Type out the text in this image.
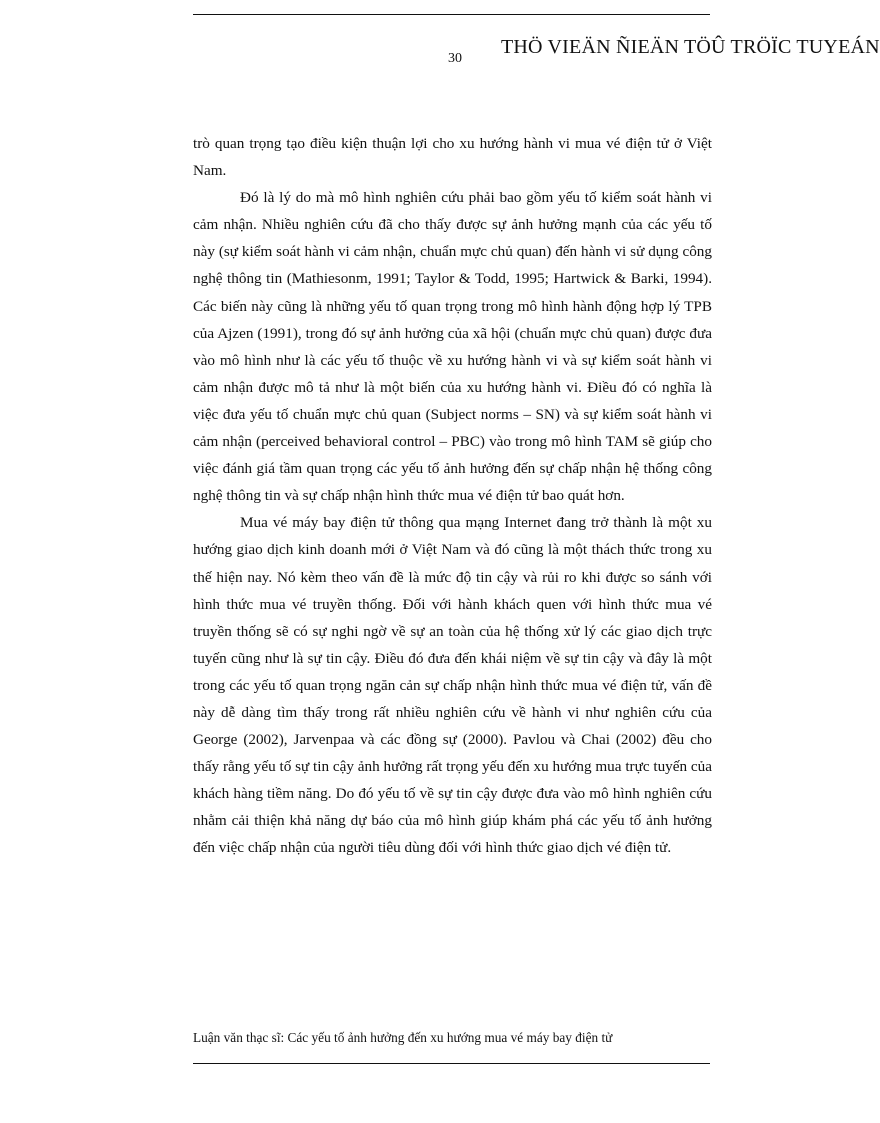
30
THÖ VIEÄN ÑIEÄN TÖÛ TRÖÏC TUYEÁN

trò quan trọng tạo điều kiện thuận lợi cho xu hướng hành vi mua vé điện tử ở Việt Nam.

Đó là lý do mà mô hình nghiên cứu phải bao gồm yếu tố kiểm soát hành vi cảm nhận. Nhiều nghiên cứu đã cho thấy được sự ảnh hưởng mạnh của các yếu tố này (sự kiểm soát hành vi cảm nhận, chuẩn mực chủ quan) đến hành vi sử dụng công nghệ thông tin (Mathiesonm, 1991; Taylor & Todd, 1995; Hartwick & Barki, 1994). Các biến này cũng là những yếu tố quan trọng trong mô hình hành động hợp lý TPB của Ajzen (1991), trong đó sự ảnh hưởng của xã hội (chuẩn mực chủ quan) được đưa vào mô hình như là các yếu tố thuộc về xu hướng hành vi và sự kiểm soát hành vi cảm nhận được mô tả như là một biến của xu hướng hành vi. Điều đó có nghĩa là việc đưa yếu tố chuẩn mực chủ quan (Subject norms – SN) và sự kiểm soát hành vi cảm nhận (perceived behavioral control – PBC) vào trong mô hình TAM sẽ giúp cho việc đánh giá tầm quan trọng các yếu tố ảnh hưởng đến sự chấp nhận hệ thống công nghệ thông tin và sự chấp nhận hình thức mua vé điện tử bao quát hơn.

Mua vé máy bay điện tử thông qua mạng Internet đang trở thành là một xu hướng giao dịch kinh doanh mới ở Việt Nam và đó cũng là một thách thức trong xu thế hiện nay. Nó kèm theo vấn đề là mức độ tin cậy và rủi ro khi được so sánh với hình thức mua vé truyền thống. Đối với hành khách quen với hình thức mua vé truyền thống sẽ có sự nghi ngờ về sự an toàn của hệ thống xử lý các giao dịch trực tuyến cũng như là sự tin cậy. Điều đó đưa đến khái niệm về sự tin cậy và đây là một trong các yếu tố quan trọng ngăn cản sự chấp nhận hình thức mua vé điện tử, vấn đề này dễ dàng tìm thấy trong rất nhiều nghiên cứu về hành vi như nghiên cứu của George (2002), Jarvenpaa và các đồng sự (2000). Pavlou và Chai (2002) đều cho thấy rằng yếu tố sự tin cậy ảnh hưởng rất trọng yếu đến xu hướng mua trực tuyến của khách hàng tiềm năng. Do đó yếu tố về sự tin cậy được đưa vào mô hình nghiên cứu nhằm cải thiện khả năng dự báo của mô hình giúp khám phá các yếu tố ảnh hưởng đến việc chấp nhận của người tiêu dùng đối với hình thức giao dịch vé điện tử.

Luận văn thạc sĩ: Các yếu tố ảnh hưởng đến xu hướng mua vé máy bay điện tử
